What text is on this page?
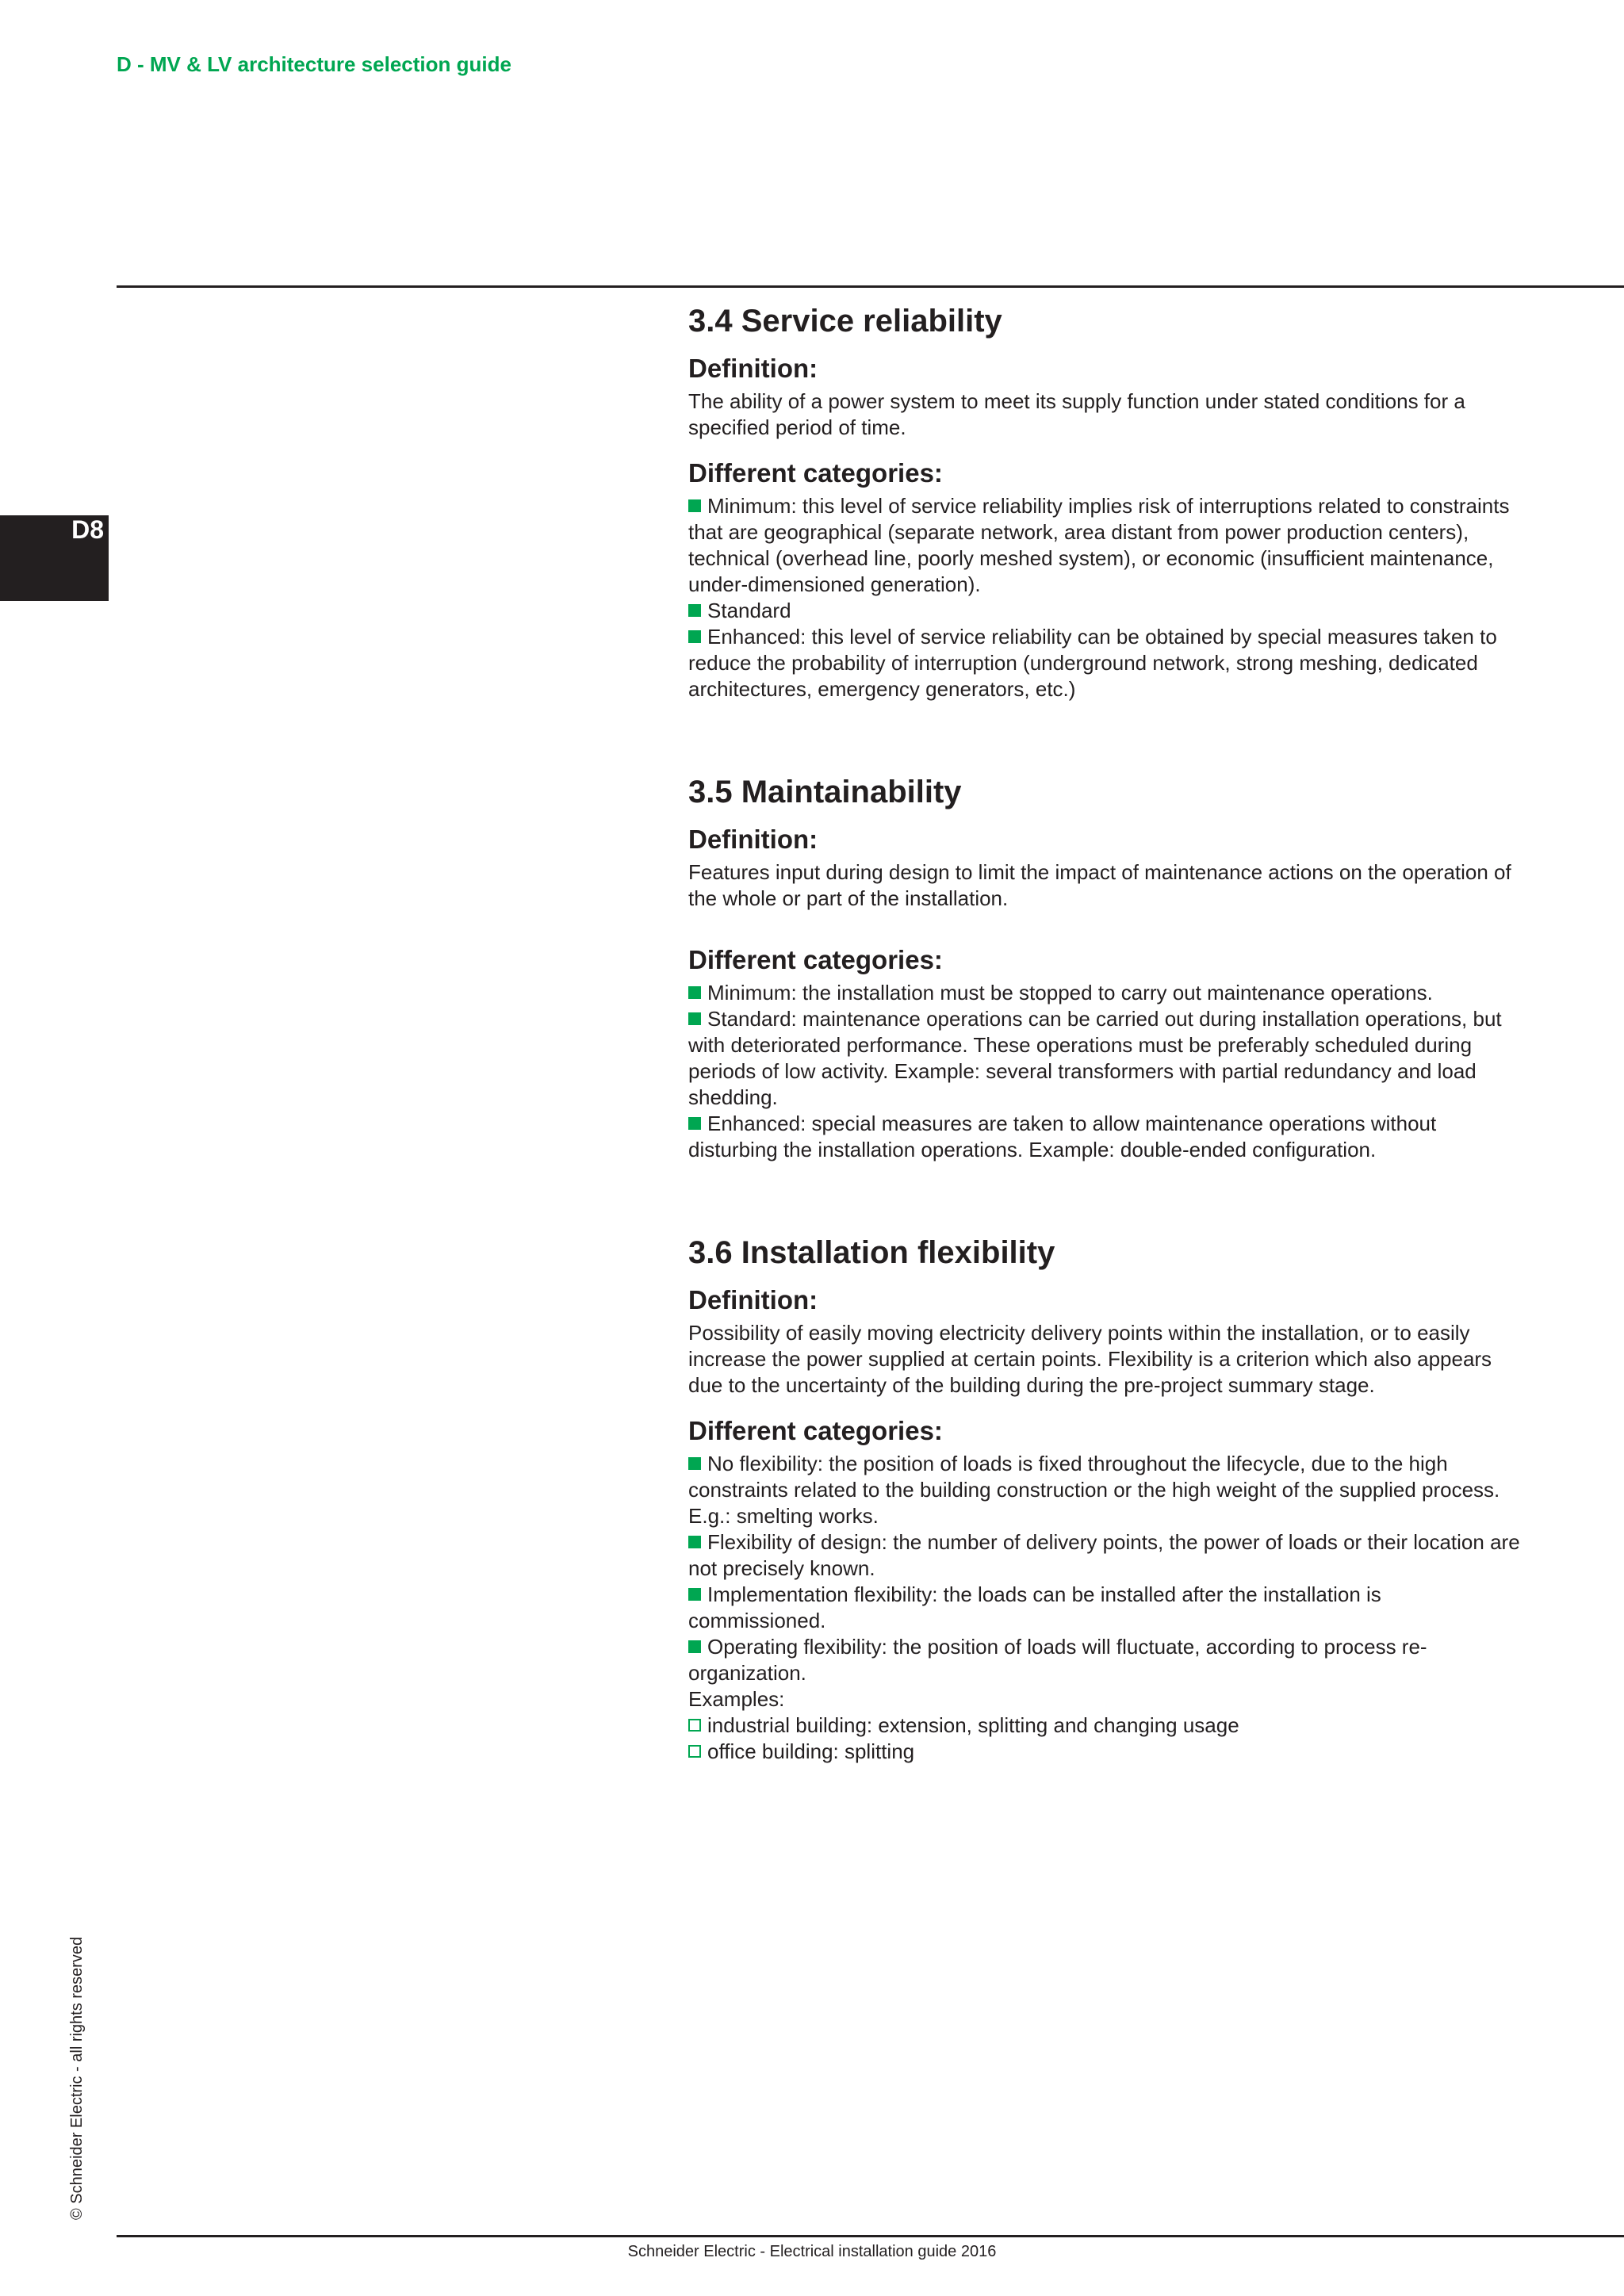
D - MV & LV architecture selection guide
D8
© Schneider Electric - all rights reserved
3.4 Service reliability
Definition:

The ability of a power system to meet its supply function under stated conditions for a specified period of time.

Different categories:

Minimum: this level of service reliability implies risk of interruptions related to constraints that are geographical (separate network, area distant from power production centers), technical (overhead line, poorly meshed system), or economic (insufficient maintenance, under-dimensioned generation).

Standard

Enhanced: this level of service reliability can be obtained by special measures taken to reduce the probability of interruption (underground network, strong meshing, dedicated architectures, emergency generators, etc.)

3.5 Maintainability
Definition:

Features input during design to limit the impact of maintenance actions on the operation of the whole or part of the installation.

Different categories:

Minimum: the installation must be stopped to carry out maintenance operations.

Standard: maintenance operations can be carried out during installation operations, but with deteriorated performance. These operations must be preferably scheduled during periods of low activity. Example: several transformers with partial redundancy and load shedding.

Enhanced: special measures are taken to allow maintenance operations without disturbing the installation operations. Example: double-ended configuration.

3.6 Installation flexibility
Definition:

Possibility of easily moving electricity delivery points within the installation, or to easily increase the power supplied at certain points. Flexibility is a criterion which also appears due to the uncertainty of the building during the pre-project summary stage.

Different categories:

No flexibility: the position of loads is fixed throughout the lifecycle, due to the high constraints related to the building construction or the high weight of the supplied process. E.g.: smelting works.

Flexibility of design: the number of delivery points, the power of loads or their location are not precisely known.

Implementation flexibility: the loads can be installed after the installation is commissioned.

Operating flexibility: the position of loads will fluctuate, according to process re-organization.

Examples:

industrial building: extension, splitting and changing usage

office building: splitting

Schneider Electric - Electrical installation guide 2016
